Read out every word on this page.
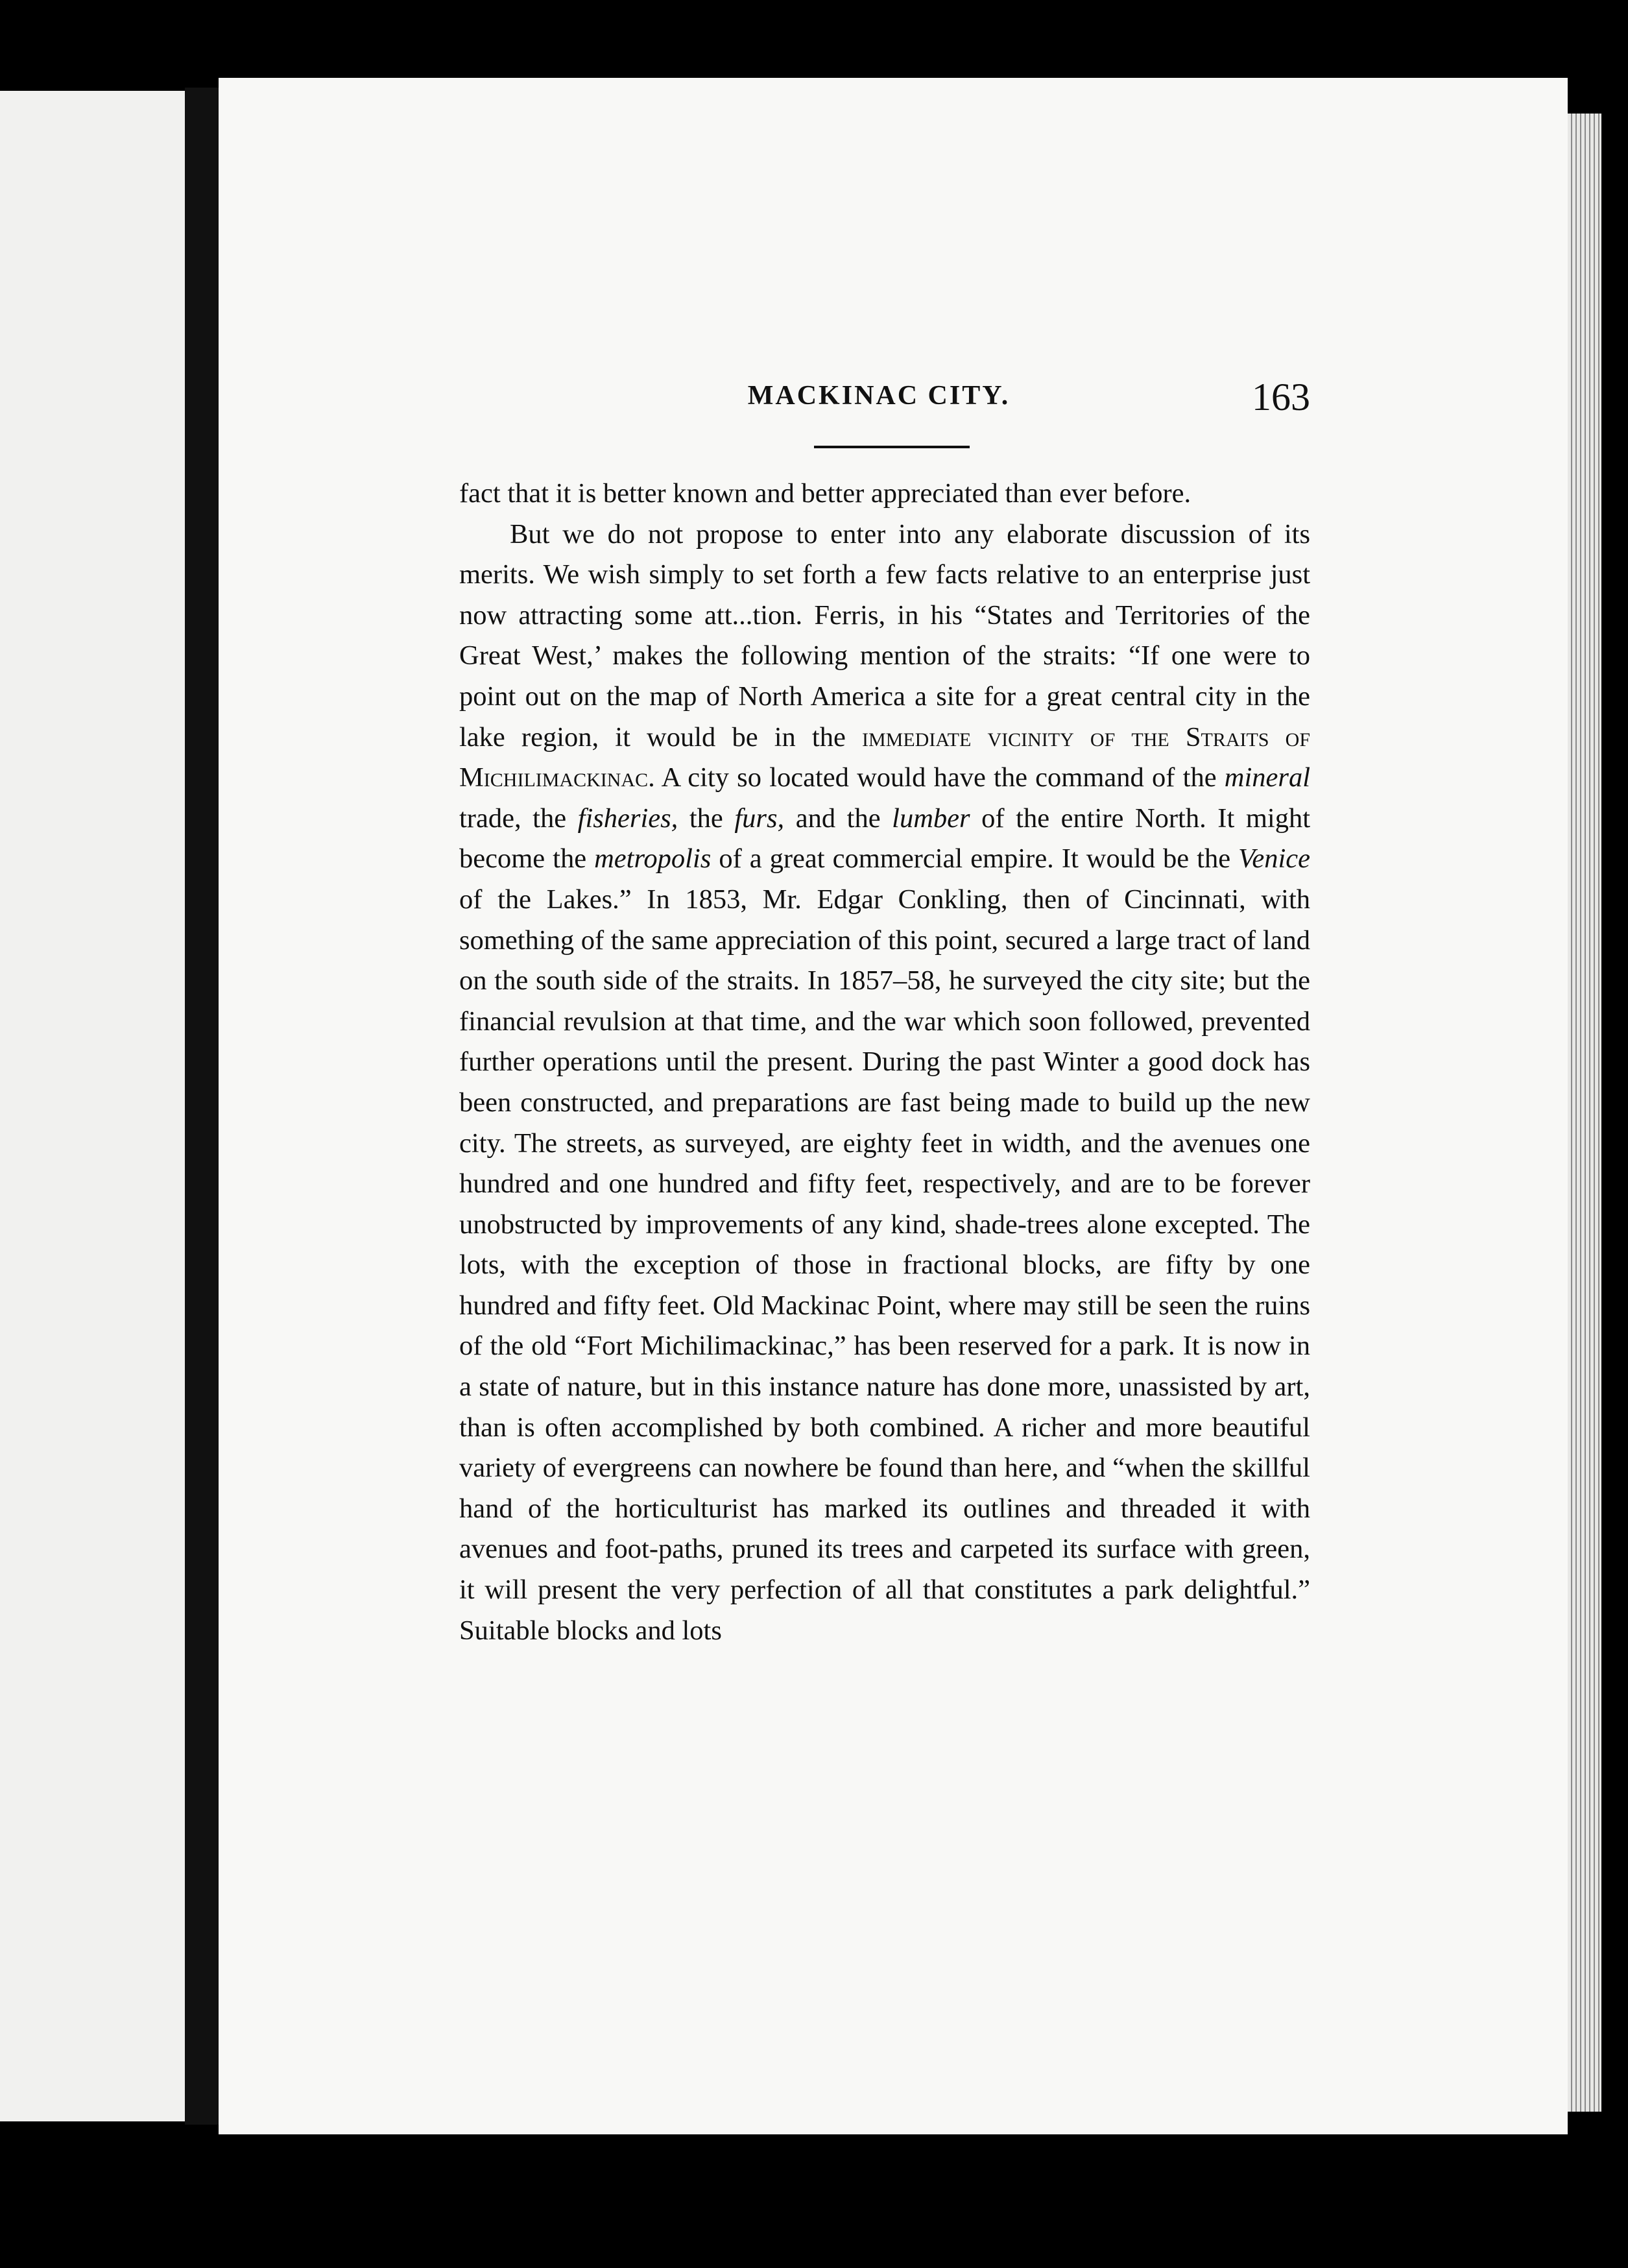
MACKINAC CITY.	163

fact that it is better known and better appreciated than ever before.

But we do not propose to enter into any elaborate discussion of its merits. We wish simply to set forth a few facts relative to an enterprise just now attracting some att...tion. Ferris, in his “States and Territories of the Great West,’ makes the following mention of the straits: “If one were to point out on the map of North America a site for a great central city in the lake region, it would be in the immediate vicinity of the Straits of Michilimackinac. A city so located would have the command of the mineral trade, the fisheries, the furs, and the lumber of the entire North. It might become the metropolis of a great commercial empire. It would be the Venice of the Lakes.” In 1853, Mr. Edgar Conkling, then of Cincinnati, with something of the same appreciation of this point, secured a large tract of land on the south side of the straits. In 1857–58, he surveyed the city site; but the financial revulsion at that time, and the war which soon followed, prevented further operations until the present. During the past Winter a good dock has been constructed, and preparations are fast being made to build up the new city. The streets, as surveyed, are eighty feet in width, and the avenues one hundred and one hundred and fifty feet, respectively, and are to be forever unobstructed by improvements of any kind, shade-trees alone excepted. The lots, with the exception of those in fractional blocks, are fifty by one hundred and fifty feet. Old Mackinac Point, where may still be seen the ruins of the old “Fort Michilimackinac,” has been reserved for a park. It is now in a state of nature, but in this instance nature has done more, unassisted by art, than is often accomplished by both combined. A richer and more beautiful variety of evergreens can nowhere be found than here, and “when the skillful hand of the horticulturist has marked its outlines and threaded it with avenues and foot-paths, pruned its trees and carpeted its surface with green, it will present the very perfection of all that constitutes a park delightful.” Suitable blocks and lots
